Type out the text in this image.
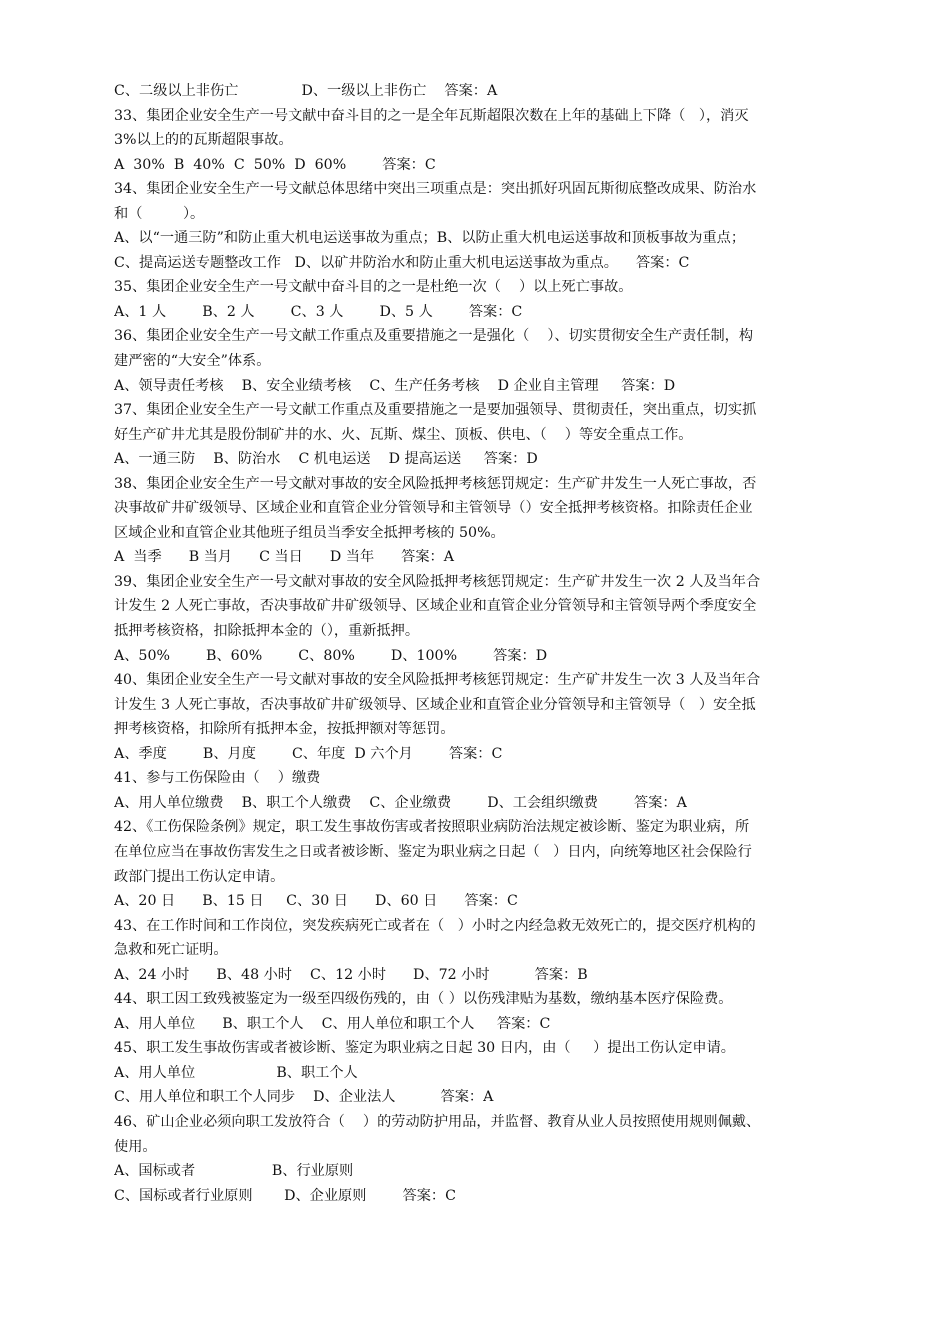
C、二级以上非伤亡              D、一级以上非伤亡    答案：A
33、集团企业安全生产一号文献中奋斗目的之一是全年瓦斯超限次数在上年的基础上下降（   ），消灭
3%以上的的瓦斯超限事故。
A  30%  B  40%  C  50%  D  60%        答案：C
34、集团企业安全生产一号文献总体思绪中突出三项重点是：突出抓好巩固瓦斯彻底整改成果、防治水
和（         ）。
A、以“一通三防”和防止重大机电运送事故为重点；B、以防止重大机电运送事故和顶板事故为重点；
C、提高运送专题整改工作   D、以矿井防治水和防止重大机电运送事故为重点。    答案：C
35、集团企业安全生产一号文献中奋斗目的之一是杜绝一次（    ）以上死亡事故。
A、1 人        B、2 人        C、3 人        D、5 人        答案：C
36、集团企业安全生产一号文献工作重点及重要措施之一是强化（    ）、切实贯彻安全生产责任制，构
建严密的“大安全”体系。
A、领导责任考核    B、安全业绩考核    C、生产任务考核    D 企业自主管理     答案：D
37、集团企业安全生产一号文献工作重点及重要措施之一是要加强领导、贯彻责任，突出重点，切实抓
好生产矿井尤其是股份制矿井的水、火、瓦斯、煤尘、顶板、供电、（    ）等安全重点工作。
A、一通三防    B、防治水    C 机电运送    D 提高运送     答案：D
38、集团企业安全生产一号文献对事故的安全风险抵押考核惩罚规定：生产矿井发生一人死亡事故，否
决事故矿井矿级领导、区域企业和直管企业分管领导和主管领导（）安全抵押考核资格。扣除责任企业
区域企业和直管企业其他班子组员当季安全抵押考核的 50%。
A  当季      B 当月      C 当日      D 当年      答案：A
39、集团企业安全生产一号文献对事故的安全风险抵押考核惩罚规定：生产矿井发生一次 2 人及当年合
计发生 2 人死亡事故，否决事故矿井矿级领导、区域企业和直管企业分管领导和主管领导两个季度安全
抵押考核资格，扣除抵押本金的（），重新抵押。
A、50%        B、60%        C、80%        D、100%        答案：D
40、集团企业安全生产一号文献对事故的安全风险抵押考核惩罚规定：生产矿井发生一次 3 人及当年合
计发生 3 人死亡事故，否决事故矿井矿级领导、区域企业和直管企业分管领导和主管领导（   ）安全抵
押考核资格，扣除所有抵押本金，按抵押额对等惩罚。
A、季度        B、月度        C、年度  D 六个月        答案：C
41、参与工伤保险由（    ）缴费
A、用人单位缴费    B、职工个人缴费    C、企业缴费        D、工会组织缴费        答案：A
42、《工伤保险条例》规定，职工发生事故伤害或者按照职业病防治法规定被诊断、鉴定为职业病，所
在单位应当在事故伤害发生之日或者被诊断、鉴定为职业病之日起（   ）日内，向统筹地区社会保险行
政部门提出工伤认定申请。
A、20 日      B、15 日     C、30 日      D、60 日      答案：C
43、在工作时间和工作岗位，突发疾病死亡或者在（   ）小时之内经急救无效死亡的，提交医疗机构的
急救和死亡证明。
A、24 小时      B、48 小时    C、12 小时      D、72 小时          答案：B
44、职工因工致残被鉴定为一级至四级伤残的，由（ ）以伤残津贴为基数，缴纳基本医疗保险费。
A、用人单位      B、职工个人    C、用人单位和职工个人     答案：C
45、职工发生事故伤害或者被诊断、鉴定为职业病之日起 30 日内，由（     ）提出工伤认定申请。
A、用人单位                  B、职工个人
C、用人单位和职工个人同步    D、企业法人          答案：A
46、矿山企业必须向职工发放符合（    ）的劳动防护用品，并监督、教育从业人员按照使用规则佩戴、
使用。
A、国标或者                 B、行业原则
C、国标或者行业原则       D、企业原则        答案：C
